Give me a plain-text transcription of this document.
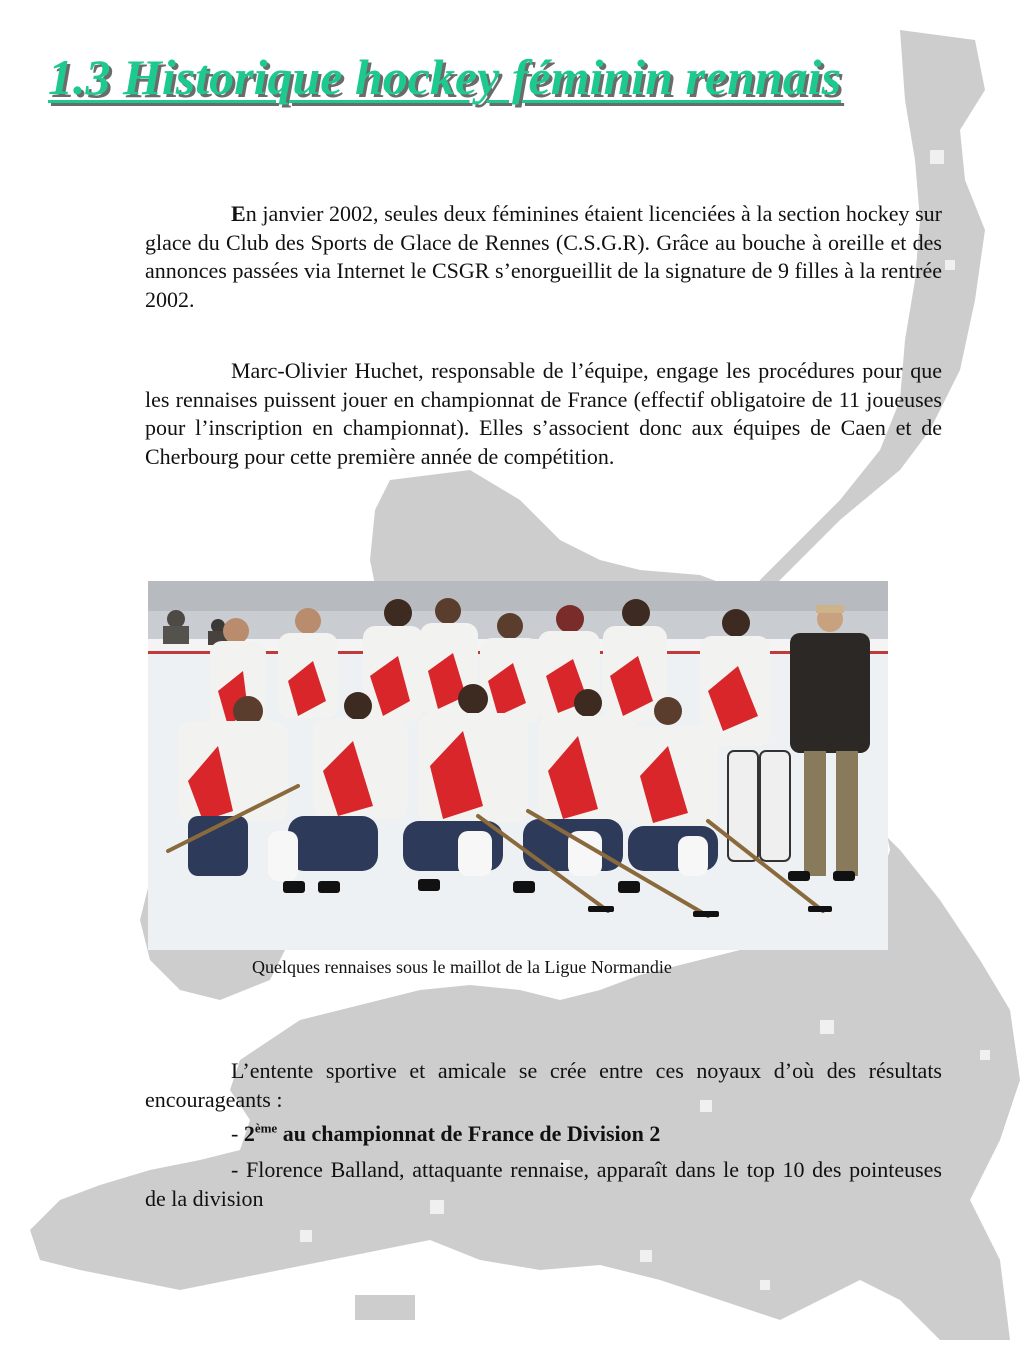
1.3 Historique hockey féminin rennais

En janvier 2002, seules deux féminines étaient licenciées à la section hockey sur glace du Club des Sports de Glace de Rennes (C.S.G.R). Grâce au bouche à oreille et des annonces passées via Internet le CSGR s’enorgueillit de la signature de 9 filles à la rentrée 2002.

Marc-Olivier Huchet, responsable de l’équipe, engage les procédures pour que les rennaises puissent jouer en championnat de France (effectif obligatoire de 11 joueuses pour l’inscription en championnat). Elles s’associent donc aux équipes de Caen et de Cherbourg pour cette première année de compétition.

Quelques rennaises sous le maillot de la Ligue Normandie

L’entente sportive et amicale se crée entre ces noyaux d’où des résultats encourageants :

- 2ème au championnat de France de Division 2

- Florence Balland, attaquante rennaise, apparaît dans le top 10 des pointeuses de la division
